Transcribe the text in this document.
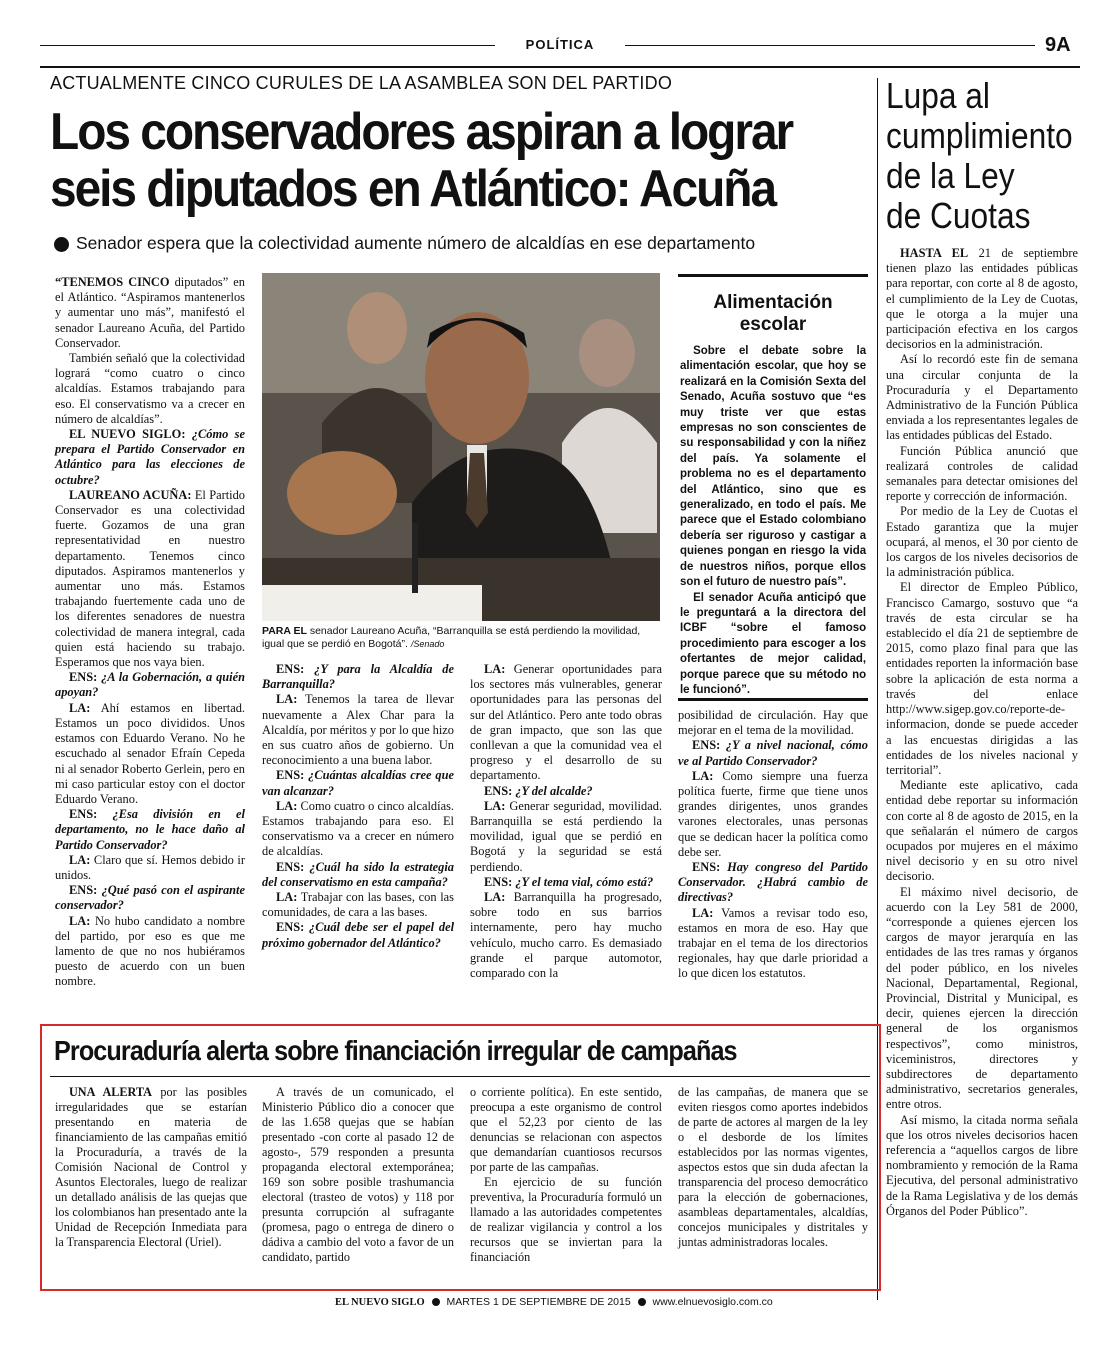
POLÍTICA	9A
ACTUALMENTE CINCO CURULES DE LA ASAMBLEA SON DEL PARTIDO
Los conservadores aspiran a lograr
seis diputados en Atlántico: Acuña
Senador espera que la colectividad aumente número de alcaldías en ese departamento

“TENEMOS CINCO diputados” en el Atlántico. “Aspiramos mantenerlos y aumentar uno más”, manifestó el senador Laureano Acuña, del Partido Conservador.

También señaló que la colectividad logrará “como cuatro o cinco alcaldías. Estamos trabajando para eso. El conservatismo va a crecer en número de alcaldías”.

EL NUEVO SIGLO: ¿Cómo se prepara el Partido Conservador en Atlántico para las elecciones de octubre?

LAUREANO ACUÑA: El Partido Conservador es una colectividad fuerte. Gozamos de una gran representatividad en nuestro departamento. Tenemos cinco diputados. Aspiramos mantenerlos y aumentar uno más. Estamos trabajando fuertemente cada uno de los diferentes senadores de nuestra colectividad de manera integral, cada quien está haciendo su trabajo. Esperamos que nos vaya bien.

ENS: ¿A la Gobernación, a quién apoyan?

LA: Ahí estamos en libertad. Estamos un poco divididos. Unos estamos con Eduardo Verano. No he escuchado al senador Efraín Cepeda ni al senador Roberto Gerlein, pero en mi caso particular estoy con el doctor Eduardo Verano.

ENS: ¿Esa división en el departamento, no le hace daño al Partido Conservador?

LA: Claro que sí. Hemos debido ir unidos.

ENS: ¿Qué pasó con el aspirante conservador?

LA: No hubo candidato a nombre del partido, por eso es que me lamento de que no nos hubiéramos puesto de acuerdo con un buen nombre.

PARA EL senador Laureano Acuña, “Barranquilla se está perdiendo la movilidad, igual que se perdió en Bogotá”. /Senado

ENS: ¿Y para la Alcaldía de Barranquilla?

LA: Tenemos la tarea de llevar nuevamente a Alex Char para la Alcaldía, por méritos y por lo que hizo en sus cuatro años de gobierno. Un reconocimiento a una buena labor.

ENS: ¿Cuántas alcaldías cree que van alcanzar?

LA: Como cuatro o cinco alcaldías. Estamos trabajando para eso. El conservatismo va a crecer en número de alcaldías.

ENS: ¿Cuál ha sido la estrategia del conservatismo en esta campaña?

LA: Trabajar con las bases, con las comunidades, de cara a las bases.

ENS: ¿Cuál debe ser el papel del próximo gobernador del Atlántico?

LA: Generar oportunidades para los sectores más vulnerables, generar oportunidades para las personas del sur del Atlántico. Pero ante todo obras de gran impacto, que son las que conllevan a que la comunidad vea el progreso y el desarrollo de su departamento.

ENS: ¿Y del alcalde?

LA: Generar seguridad, movilidad. Barranquilla se está perdiendo la movilidad, igual que se perdió en Bogotá y la seguridad se está perdiendo.

ENS: ¿Y el tema vial, cómo está?

LA: Barranquilla ha progresado, sobre todo en sus barrios internamente, pero hay mucho vehículo, mucho carro. Es demasiado grande el parque automotor, comparado con la

Alimentación escolar

Sobre el debate sobre la alimentación escolar, que hoy se realizará en la Comisión Sexta del Senado, Acuña sostuvo que “es muy triste ver que estas empresas no son conscientes de su responsabilidad y con la niñez del país. Ya solamente el problema no es el departamento del Atlántico, sino que es generalizado, en todo el país. Me parece que el Estado colombiano debería ser riguroso y castigar a quienes pongan en riesgo la vida de nuestros niños, porque ellos son el futuro de nuestro país”.

El senador Acuña anticipó que le preguntará a la directora del ICBF “sobre el famoso procedimiento para escoger a los ofertantes de mejor calidad, porque parece que su método no le funcionó”.

posibilidad de circulación. Hay que mejorar en el tema de la movilidad.

ENS: ¿Y a nivel nacional, cómo ve al Partido Conservador?

LA: Como siempre una fuerza política fuerte, firme que tiene unos grandes dirigentes, unos grandes varones electorales, unas personas que se dedican hacer la política como debe ser.

ENS: Hay congreso del Partido Conservador. ¿Habrá cambio de directivas?

LA: Vamos a revisar todo eso, estamos en mora de eso. Hay que trabajar en el tema de los directorios regionales, hay que darle prioridad a lo que dicen los estatutos.

Lupa al
cumplimiento
de la Ley
de Cuotas

HASTA EL 21 de septiembre tienen plazo las entidades públicas para reportar, con corte al 8 de agosto, el cumplimiento de la Ley de Cuotas, que le otorga a la mujer una participación efectiva en los cargos decisorios en la administración.

Así lo recordó este fin de semana una circular conjunta de la Procuraduría y el Departamento Administrativo de la Función Pública enviada a los representantes legales de las entidades públicas del Estado.

Función Pública anunció que realizará controles de calidad semanales para detectar omisiones del reporte y corrección de información.

Por medio de la Ley de Cuotas el Estado garantiza que la mujer ocupará, al menos, el 30 por ciento de los cargos de los niveles decisorios de la administración pública.

El director de Empleo Público, Francisco Camargo, sostuvo que “a través de esta circular se ha establecido el día 21 de septiembre de 2015, como plazo final para que las entidades reporten la información base sobre la aplicación de esta norma a través del enlace http://www.sigep.gov.co/reporte-de-informacion, donde se puede acceder a las encuestas dirigidas a las entidades de los niveles nacional y territorial”.

Mediante este aplicativo, cada entidad debe reportar su información con corte al 8 de agosto de 2015, en la que señalarán el número de cargos ocupados por mujeres en el máximo nivel decisorio y en su otro nivel decisorio.

El máximo nivel decisorio, de acuerdo con la Ley 581 de 2000, “corresponde a quienes ejercen los cargos de mayor jerarquía en las entidades de las tres ramas y órganos del poder público, en los niveles Nacional, Departamental, Regional, Provincial, Distrital y Municipal, es decir, quienes ejercen la dirección general de los organismos respectivos”, como ministros, viceministros, directores y subdirectores de departamento administrativo, secretarios generales, entre otros.

Así mismo, la citada norma señala que los otros niveles decisorios hacen referencia a “aquellos cargos de libre nombramiento y remoción de la Rama Ejecutiva, del personal administrativo de la Rama Legislativa y de los demás Órganos del Poder Público”.

Procuraduría alerta sobre financiación irregular de campañas

UNA ALERTA por las posibles irregularidades que se estarían presentando en materia de financiamiento de las campañas emitió la Procuraduría, a través de la Comisión Nacional de Control y Asuntos Electorales, luego de realizar un detallado análisis de las quejas que los colombianos han presentado ante la Unidad de Recepción Inmediata para la Transparencia Electoral (Uriel).

A través de un comunicado, el Ministerio Público dio a conocer que de las 1.658 quejas que se habían presentado -con corte al pasado 12 de agosto-, 579 responden a presunta propaganda electoral extemporánea; 169 son sobre posible trashumancia electoral (trasteo de votos) y 118 por presunta corrupción al sufragante (promesa, pago o entrega de dinero o dádiva a cambio del voto a favor de un candidato, partido

o corriente política). En este sentido, preocupa a este organismo de control que el 52,23 por ciento de las denuncias se relacionan con aspectos que demandarían cuantiosos recursos por parte de las campañas.

En ejercicio de su función preventiva, la Procuraduría formuló un llamado a las autoridades competentes de realizar vigilancia y control a los recursos que se inviertan para la financiación

de las campañas, de manera que se eviten riesgos como aportes indebidos de parte de actores al margen de la ley o el desborde de los límites establecidos por las normas vigentes, aspectos estos que sin duda afectan la transparencia del proceso democrático para la elección de gobernaciones, asambleas departamentales, alcaldías, concejos municipales y distritales y juntas administradoras locales.

EL NUEVO SIGLO MARTES 1 DE SEPTIEMBRE DE 2015 www.elnuevosiglo.com.co
